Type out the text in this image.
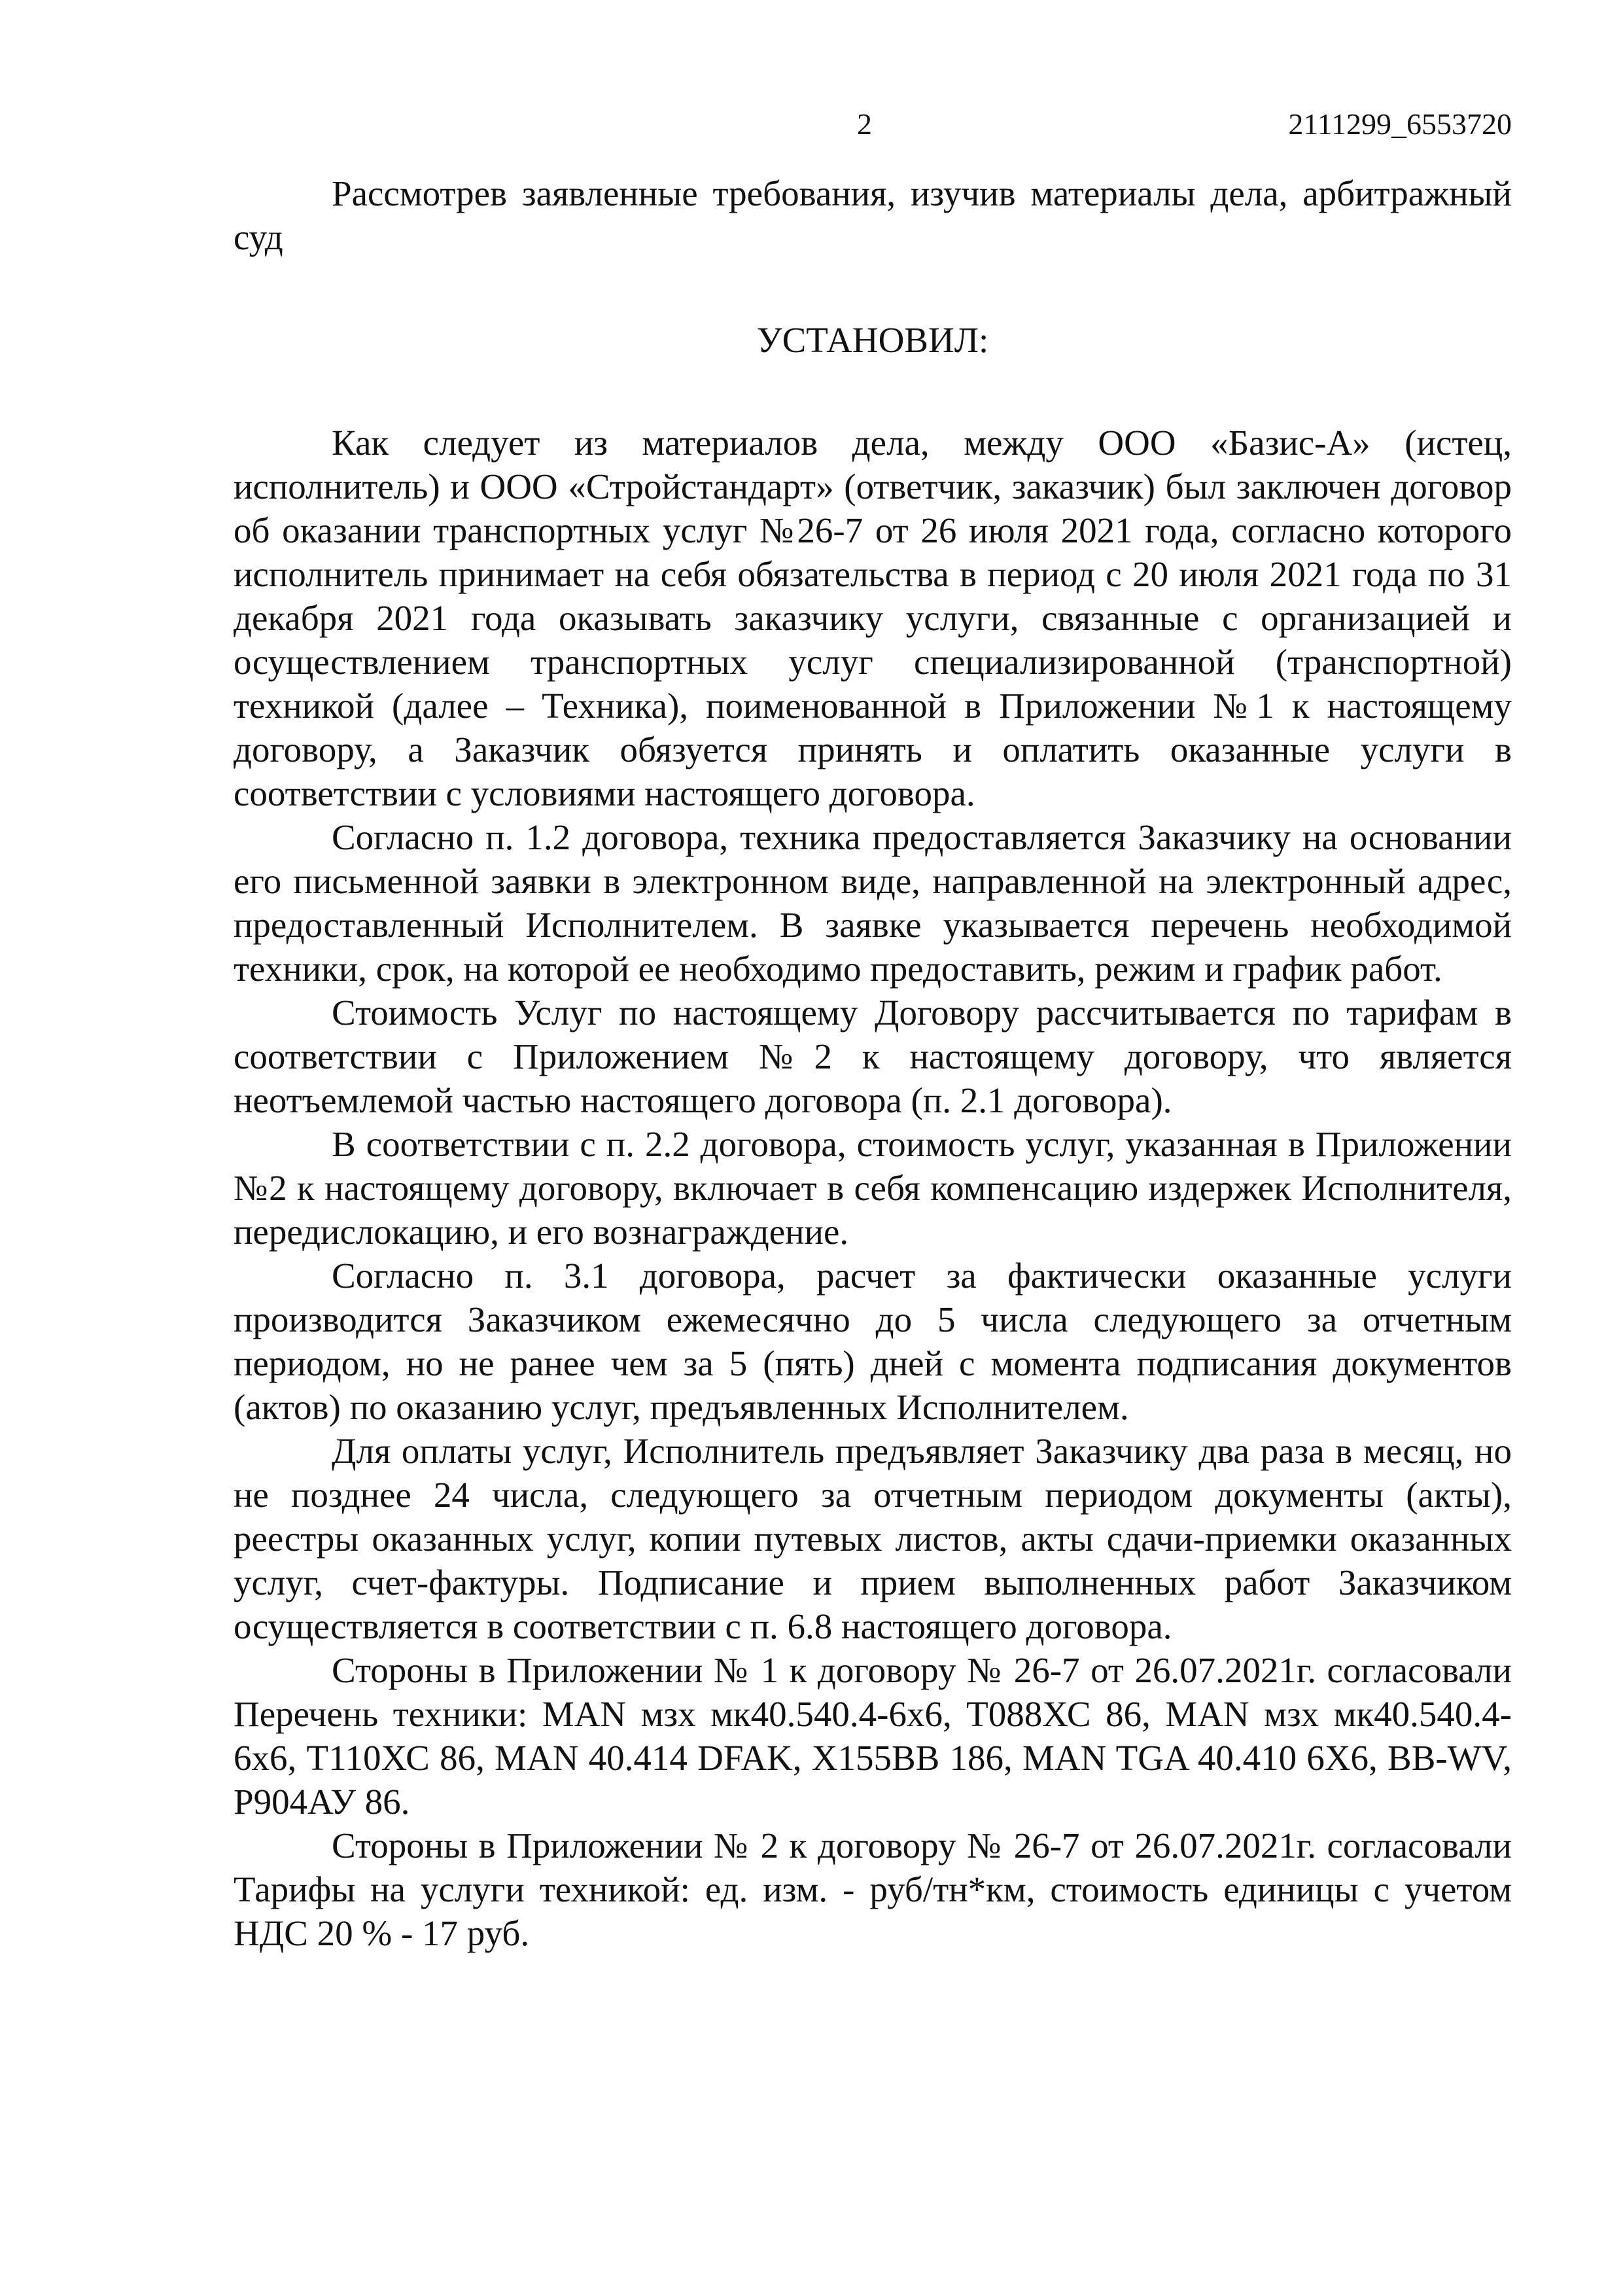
2	2111299_6553720

Рассмотрев заявленные требования, изучив материалы дела, арбитражный суд

УСТАНОВИЛ:

Как следует из материалов дела, между ООО «Базис-А» (истец, исполнитель) и ООО «Стройстандарт» (ответчик, заказчик) был заключен договор об оказании транспортных услуг №26-7 от 26 июля 2021 года, согласно которого исполнитель принимает на себя обязательства в период с 20 июля 2021 года по 31 декабря 2021 года оказывать заказчику услуги, связанные с организацией и осуществлением транспортных услуг специализированной (транспортной) техникой (далее – Техника), поименованной в Приложении №1 к настоящему договору, а Заказчик обязуется принять и оплатить оказанные услуги в соответствии с условиями настоящего договора.

Согласно п. 1.2 договора, техника предоставляется Заказчику на основании его письменной заявки в электронном виде, направленной на электронный адрес, предоставленный Исполнителем. В заявке указывается перечень необходимой техники, срок, на которой ее необходимо предоставить, режим и график работ.

Стоимость Услуг по настоящему Договору рассчитывается по тарифам в соответствии с Приложением №2 к настоящему договору, что является неотъемлемой частью настоящего договора (п. 2.1 договора).

В соответствии с п. 2.2 договора, стоимость услуг, указанная в Приложении №2 к настоящему договору, включает в себя компенсацию издержек Исполнителя, передислокацию, и его вознаграждение.

Согласно п. 3.1 договора, расчет за фактически оказанные услуги производится Заказчиком ежемесячно до 5 числа следующего за отчетным периодом, но не ранее чем за 5 (пять) дней с момента подписания документов (актов) по оказанию услуг, предъявленных Исполнителем.

Для оплаты услуг, Исполнитель предъявляет Заказчику два раза в месяц, но не позднее 24 числа, следующего за отчетным периодом документы (акты), реестры оказанных услуг, копии путевых листов, акты сдачи-приемки оказанных услуг, счет-фактуры. Подписание и прием выполненных работ Заказчиком осуществляется в соответствии с п. 6.8 настоящего договора.

Стороны в Приложении № 1 к договору № 26-7 от 26.07.2021г. согласовали Перечень техники: MAN мзх мк40.540.4-6х6, Т088ХС 86, MAN мзх мк40.540.4-6х6, Т110ХС 86, MAN 40.414 DFAK, Х155ВВ 186, MAN TGA 40.410 6X6, BB-WV, Р904АУ 86.

Стороны в Приложении № 2 к договору № 26-7 от 26.07.2021г. согласовали Тарифы на услуги техникой: ед. изм. - руб/тн*км, стоимость единицы с учетом НДС 20 % - 17 руб.
